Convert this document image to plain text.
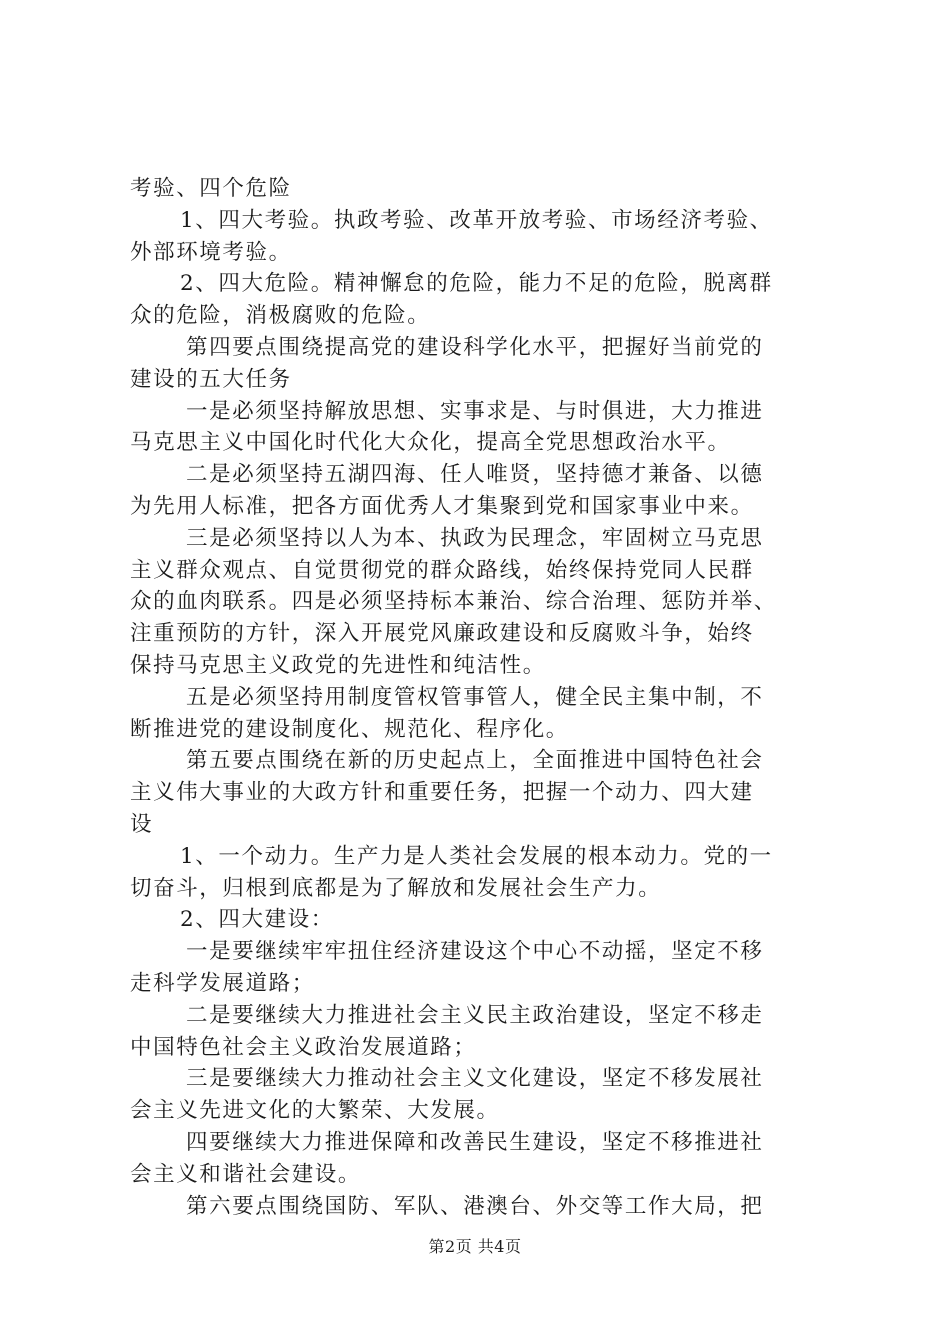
考验、四个危险
1、四大考验。执政考验、改革开放考验、市场经济考验、
外部环境考验。
2、四大危险。精神懈怠的危险，能力不足的危险，脱离群
众的危险，消极腐败的危险。
第四要点围绕提高党的建设科学化水平，把握好当前党的
建设的五大任务
一是必须坚持解放思想、实事求是、与时俱进，大力推进
马克思主义中国化时代化大众化，提高全党思想政治水平。
二是必须坚持五湖四海、任人唯贤，坚持德才兼备、以德
为先用人标准，把各方面优秀人才集聚到党和国家事业中来。
三是必须坚持以人为本、执政为民理念，牢固树立马克思
主义群众观点、自觉贯彻党的群众路线，始终保持党同人民群
众的血肉联系。四是必须坚持标本兼治、综合治理、惩防并举、
注重预防的方针，深入开展党风廉政建设和反腐败斗争，始终
保持马克思主义政党的先进性和纯洁性。
五是必须坚持用制度管权管事管人，健全民主集中制，不
断推进党的建设制度化、规范化、程序化。
第五要点围绕在新的历史起点上，全面推进中国特色社会
主义伟大事业的大政方针和重要任务，把握一个动力、四大建
设
1、一个动力。生产力是人类社会发展的根本动力。党的一
切奋斗，归根到底都是为了解放和发展社会生产力。
2、四大建设：
一是要继续牢牢扭住经济建设这个中心不动摇，坚定不移
走科学发展道路；
二是要继续大力推进社会主义民主政治建设，坚定不移走
中国特色社会主义政治发展道路；
三是要继续大力推动社会主义文化建设，坚定不移发展社
会主义先进文化的大繁荣、大发展。
四要继续大力推进保障和改善民生建设，坚定不移推进社
会主义和谐社会建设。
第六要点围绕国防、军队、港澳台、外交等工作大局，把
第2页 共4页
